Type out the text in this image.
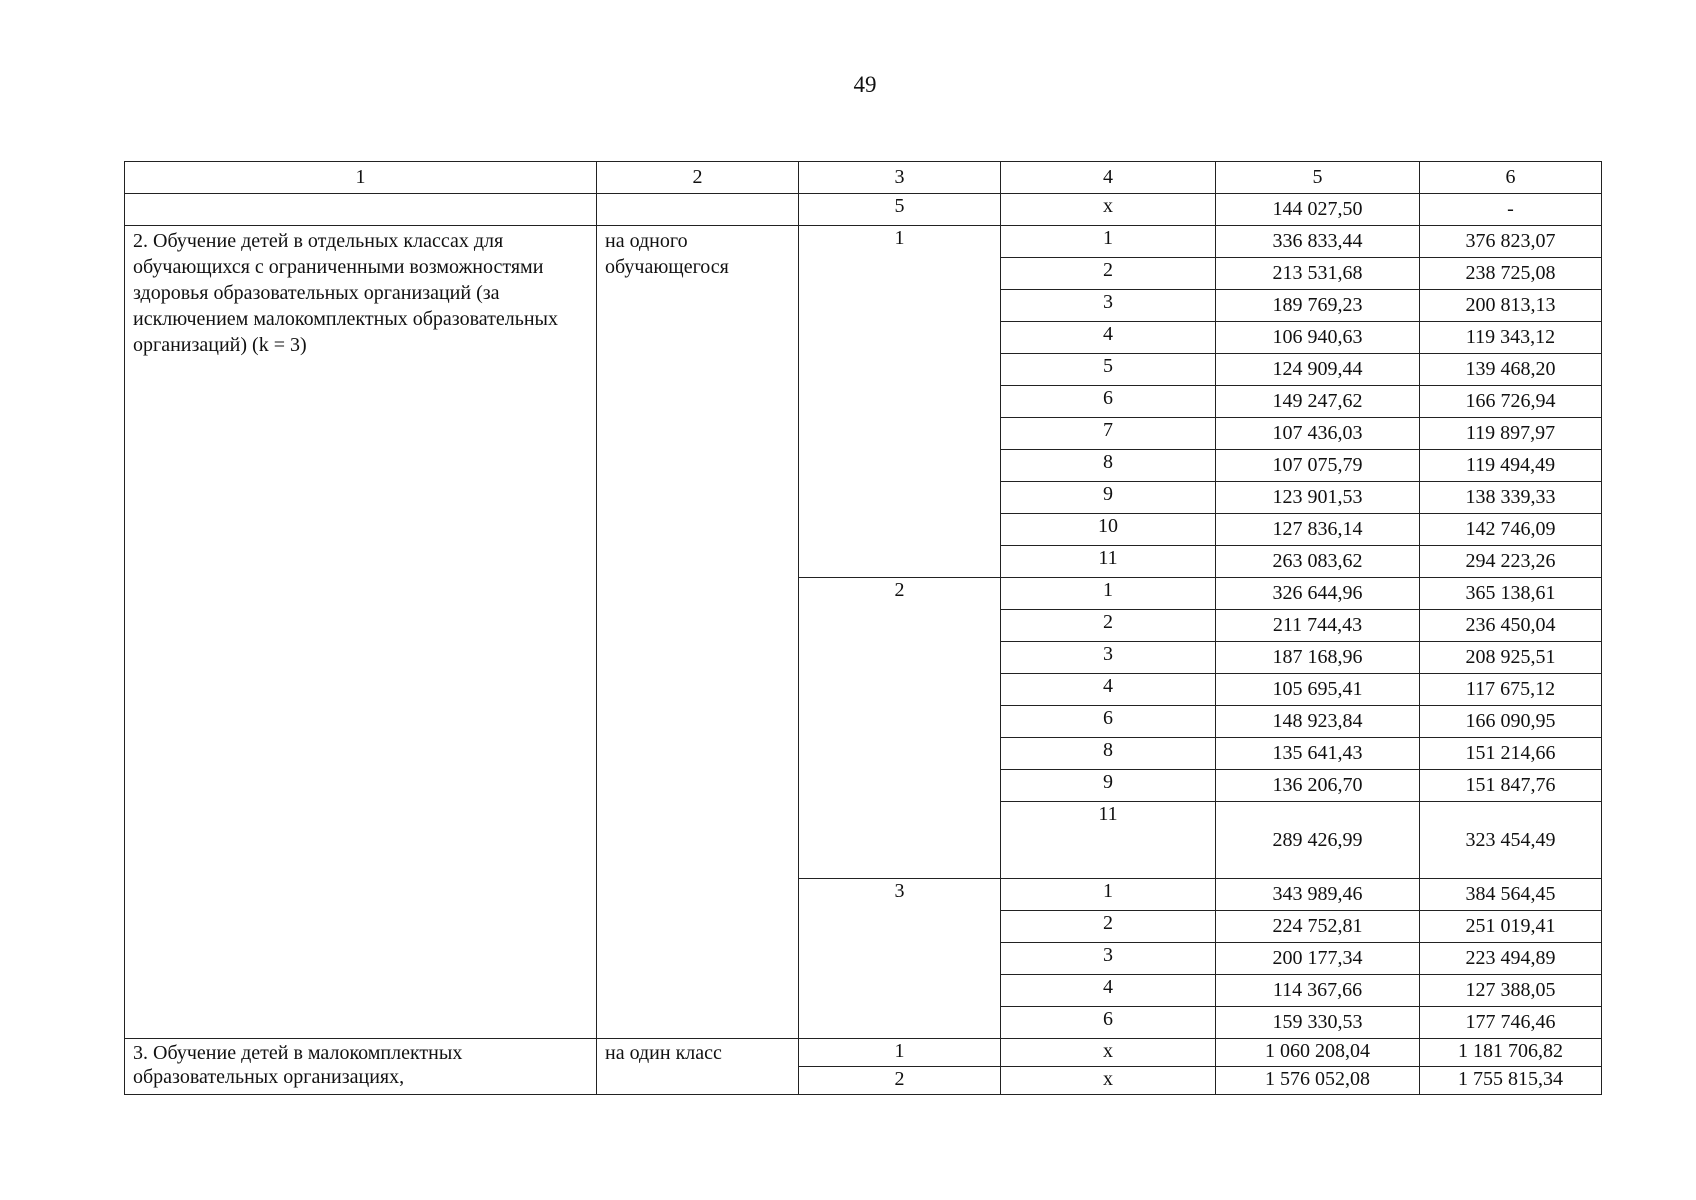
49
1	2	3	4	5	6
		5	х	144 027,50	-
2. Обучение детей в отдельных классах для обучающихся с ограниченными возможностями здоровья образовательных организаций (за исключением малокомплектных образовательных организаций) (k = 3)	на одного обучающегося	1	1	336 833,44	376 823,07
			2	213 531,68	238 725,08
			3	189 769,23	200 813,13
			4	106 940,63	119 343,12
			5	124 909,44	139 468,20
			6	149 247,62	166 726,94
			7	107 436,03	119 897,97
			8	107 075,79	119 494,49
			9	123 901,53	138 339,33
			10	127 836,14	142 746,09
			11	263 083,62	294 223,26
		2	1	326 644,96	365 138,61
			2	211 744,43	236 450,04
			3	187 168,96	208 925,51
			4	105 695,41	117 675,12
			6	148 923,84	166 090,95
			8	135 641,43	151 214,66
			9	136 206,70	151 847,76
			11	289 426,99	323 454,49
		3	1	343 989,46	384 564,45
			2	224 752,81	251 019,41
			3	200 177,34	223 494,89
			4	114 367,66	127 388,05
			6	159 330,53	177 746,46
3. Обучение детей в малокомплектных образовательных организациях,	на один класс	1	х	1 060 208,04	1 181 706,82
		2	х	1 576 052,08	1 755 815,34
